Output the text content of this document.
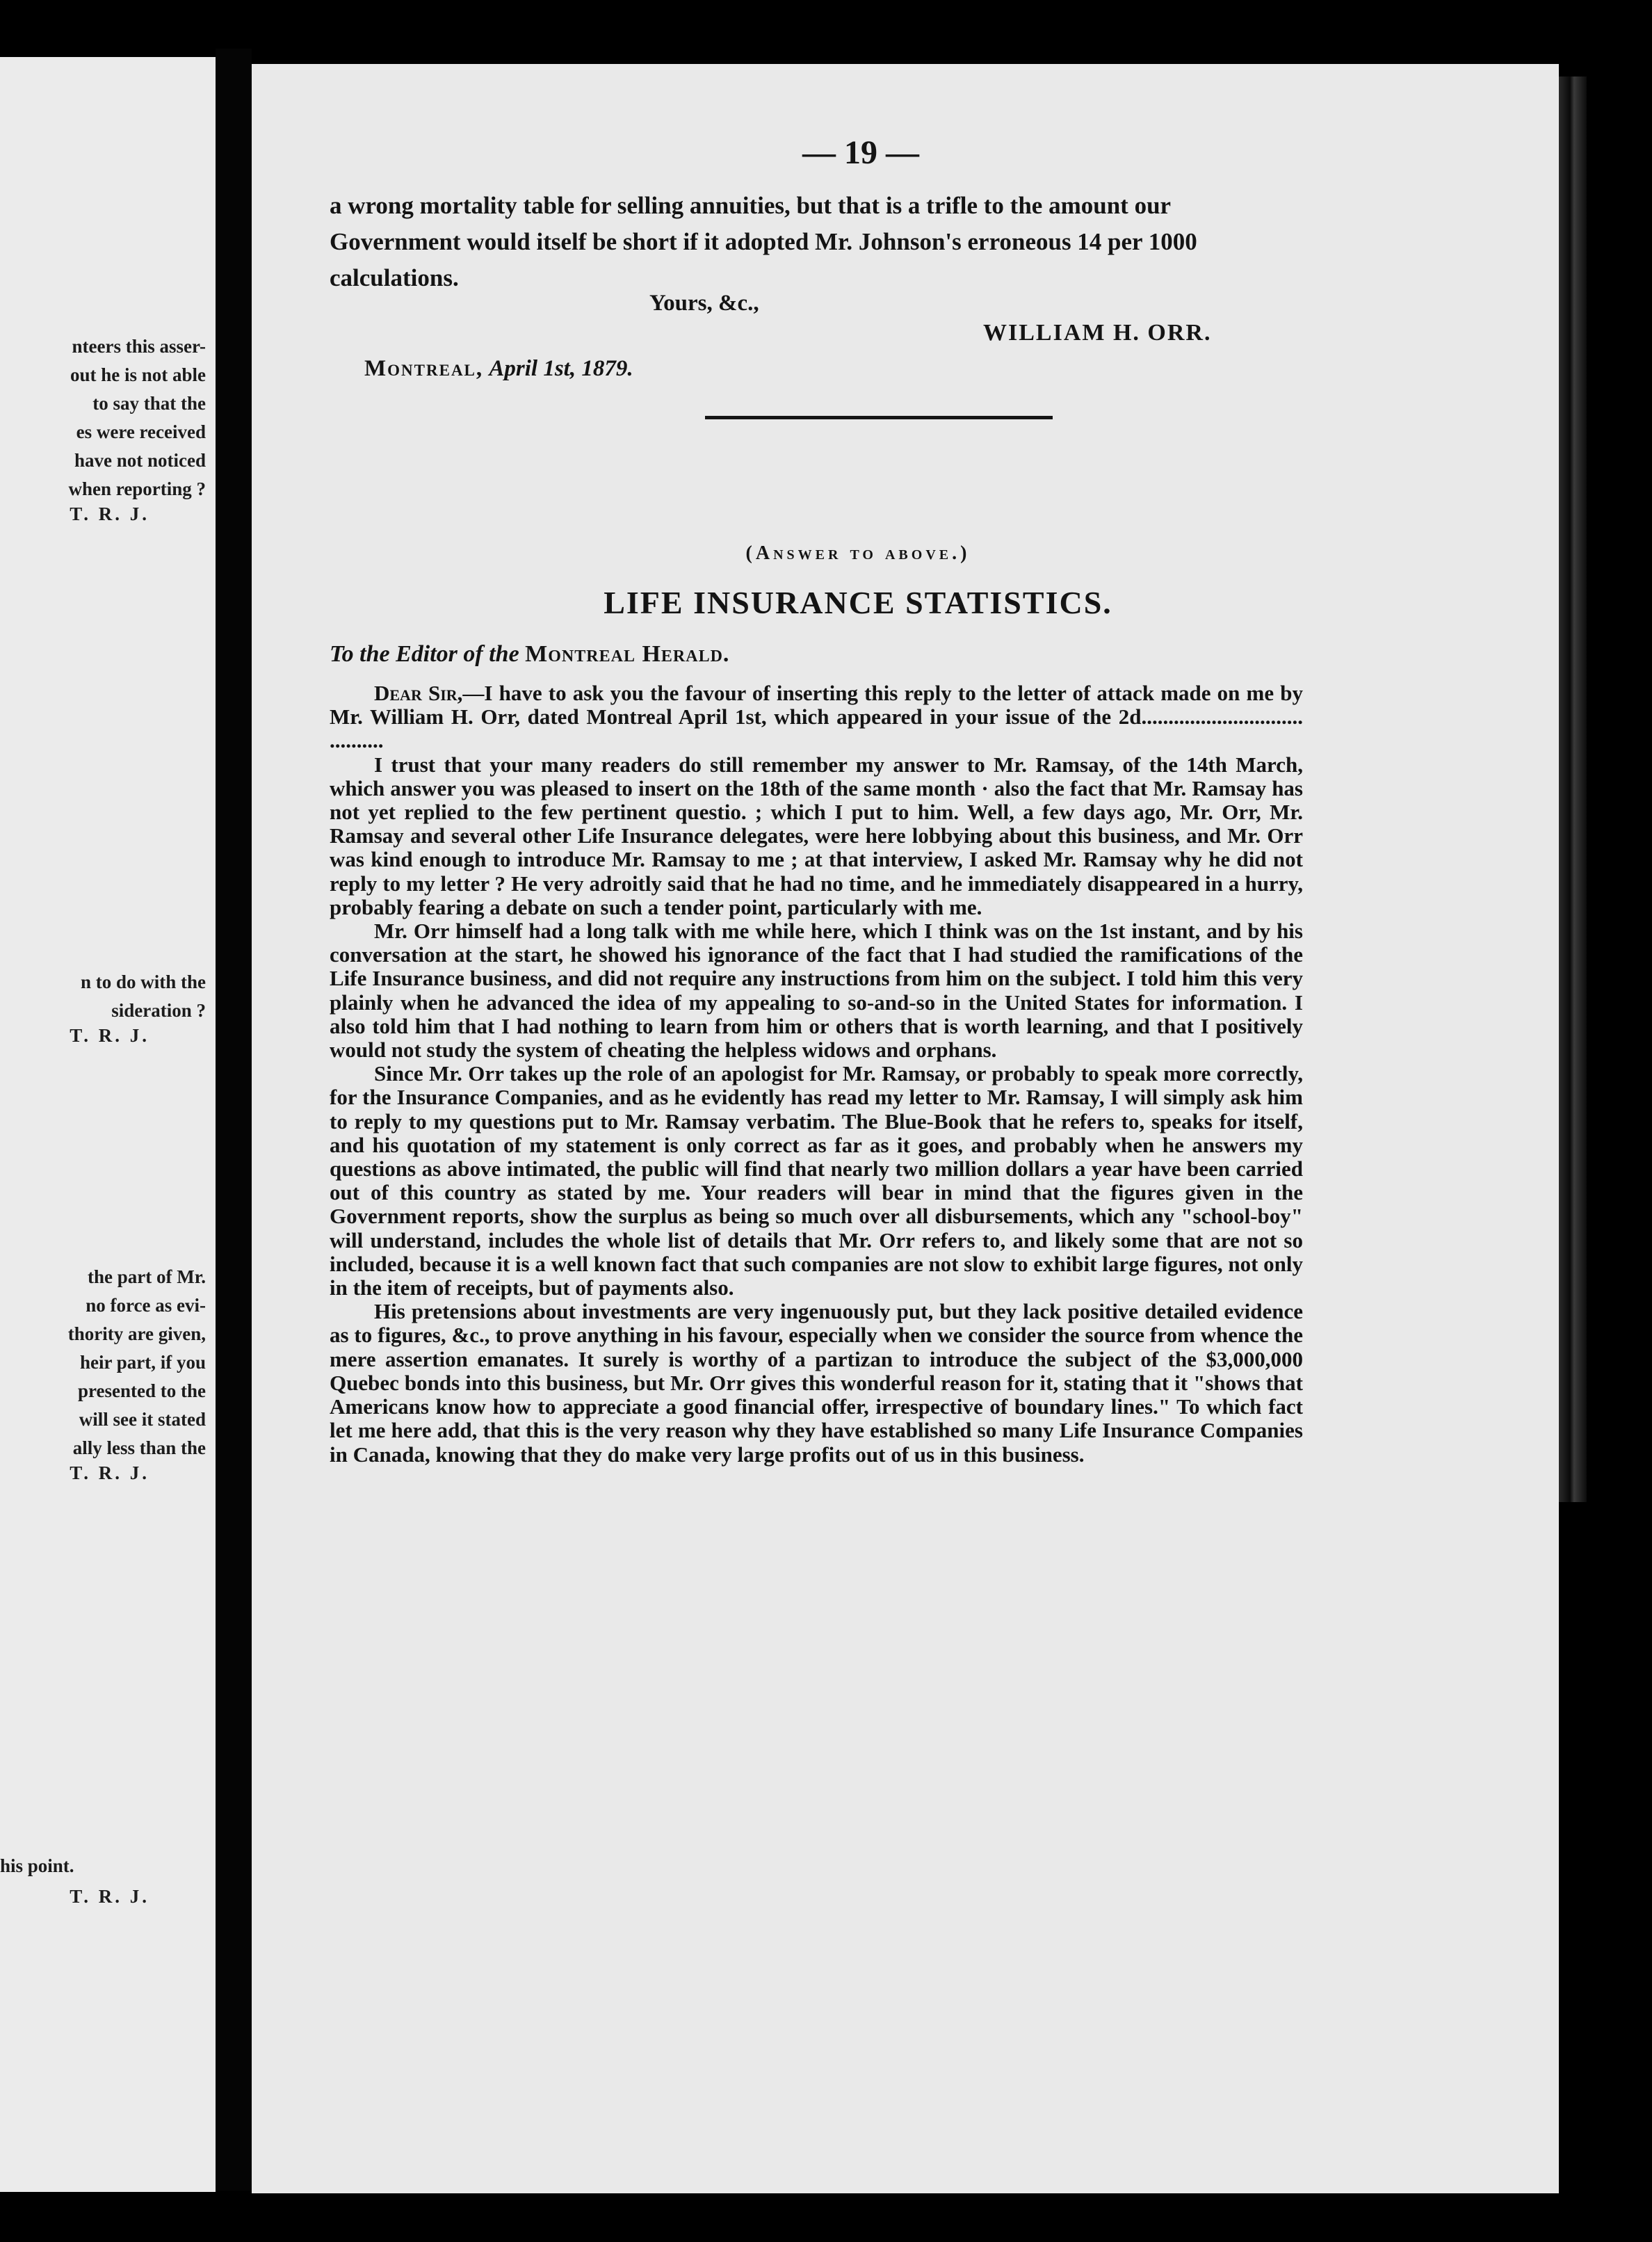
nteers this asser-
out he is not able
to say that the
es were received
have not noticed
when reporting ?
T. R. J.
n to do with the
sideration ?
T. R. J.
the part of Mr.
no force as evi-
thority are given,
heir part, if you
presented to the
will see it stated
ally less than the
T. R. J.
his point.
T. R. J.
— 19 —
a wrong mortality table for selling annuities, but that is a trifle to the amount our
Government would itself be short if it adopted Mr. Johnson's erroneous 14 per 1000
calculations.
Yours, &c.,
WILLIAM H. ORR.
Montreal, April 1st, 1879.
(Answer to above.)
LIFE INSURANCE STATISTICS.
To the Editor of the Montreal Herald.

Dear Sir,—I have to ask you the favour of inserting this reply to the letter of attack made on me by Mr. William H. Orr, dated Montreal April 1st, which appeared in your issue of the 2d.............................. ..........

I trust that your many readers do still remember my answer to Mr. Ramsay, of the 14th March, which answer you was pleased to insert on the 18th of the same month · also the fact that Mr. Ramsay has not yet replied to the few pertinent questio. ; which I put to him. Well, a few days ago, Mr. Orr, Mr. Ramsay and several other Life Insurance delegates, were here lobbying about this business, and Mr. Orr was kind enough to introduce Mr. Ramsay to me ; at that interview, I asked Mr. Ramsay why he did not reply to my letter ? He very adroitly said that he had no time, and he immediately disappeared in a hurry, probably fearing a debate on such a tender point, particularly with me.

Mr. Orr himself had a long talk with me while here, which I think was on the 1st instant, and by his conversation at the start, he showed his ignorance of the fact that I had studied the ramifications of the Life Insurance business, and did not require any instructions from him on the subject. I told him this very plainly when he advanced the idea of my appealing to so-and-so in the United States for information. I also told him that I had nothing to learn from him or others that is worth learning, and that I positively would not study the system of cheating the helpless widows and orphans.

Since Mr. Orr takes up the role of an apologist for Mr. Ramsay, or probably to speak more correctly, for the Insurance Companies, and as he evidently has read my letter to Mr. Ramsay, I will simply ask him to reply to my questions put to Mr. Ramsay verbatim. The Blue-Book that he refers to, speaks for itself, and his quotation of my statement is only correct as far as it goes, and probably when he answers my questions as above intimated, the public will find that nearly two million dollars a year have been carried out of this country as stated by me. Your readers will bear in mind that the figures given in the Government reports, show the surplus as being so much over all disbursements, which any "school-boy" will understand, includes the whole list of details that Mr. Orr refers to, and likely some that are not so included, because it is a well known fact that such companies are not slow to exhibit large figures, not only in the item of receipts, but of payments also.

His pretensions about investments are very ingenuously put, but they lack positive detailed evidence as to figures, &c., to prove anything in his favour, especially when we consider the source from whence the mere assertion emanates. It surely is worthy of a partizan to introduce the subject of the $3,000,000 Quebec bonds into this business, but Mr. Orr gives this wonderful reason for it, stating that it "shows that Americans know how to appreciate a good financial offer, irrespective of boundary lines." To which fact let me here add, that this is the very reason why they have established so many Life Insurance Companies in Canada, knowing that they do make very large profits out of us in this business.
